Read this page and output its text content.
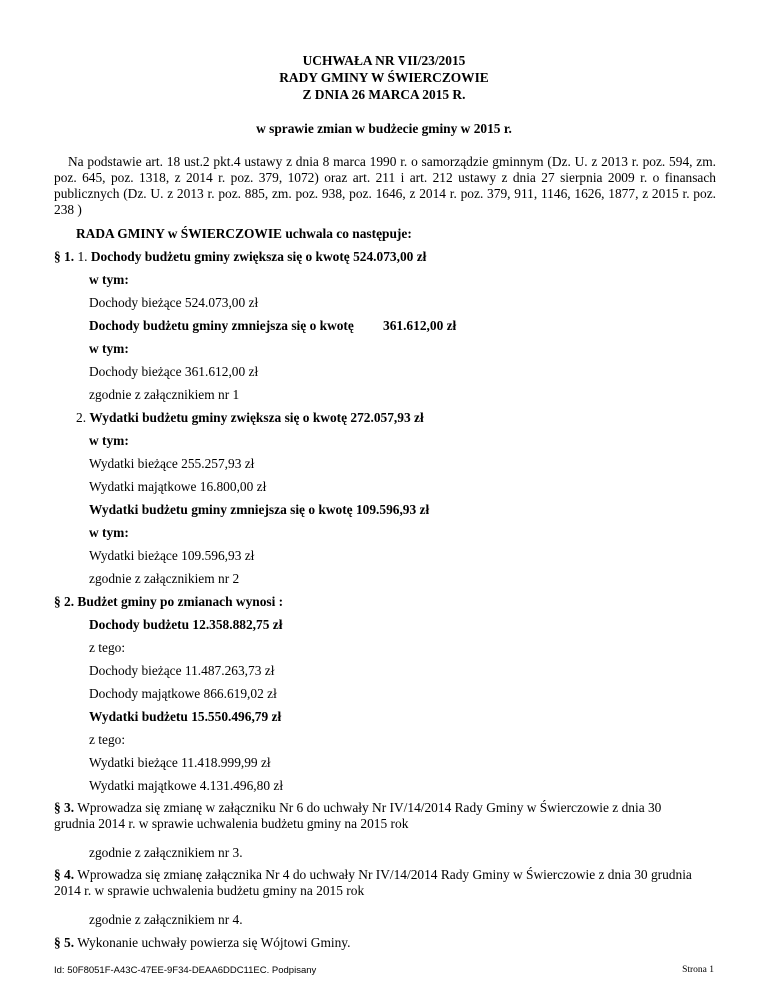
UCHWAŁA NR VII/23/2015
RADY GMINY W ŚWIERCZOWIE
Z DNIA 26 MARCA 2015 R.
w sprawie zmian w budżecie gminy w 2015 r.
Na podstawie art. 18 ust.2 pkt.4 ustawy z dnia 8 marca 1990 r. o samorządzie gminnym (Dz. U. z 2013 r. poz. 594, zm. poz. 645, poz. 1318, z 2014 r. poz. 379, 1072) oraz art. 211 i art. 212 ustawy z dnia 27 sierpnia 2009 r. o finansach publicznych (Dz. U. z 2013 r. poz. 885, zm. poz. 938, poz. 1646, z 2014 r. poz. 379, 911, 1146, 1626, 1877, z 2015 r. poz. 238 )
RADA GMINY w ŚWIERCZOWIE uchwala co następuje:
§ 1. 1. Dochody budżetu gminy zwiększa się o kwotę 524.073,00 zł
w tym:
Dochody bieżące 524.073,00 zł
Dochody budżetu gminy zmniejsza się o kwotę 361.612,00 zł
w tym:
Dochody bieżące 361.612,00 zł
zgodnie z załącznikiem nr 1
2. Wydatki budżetu gminy zwiększa się o kwotę 272.057,93 zł
w tym:
Wydatki bieżące 255.257,93 zł
Wydatki majątkowe 16.800,00 zł
Wydatki budżetu gminy zmniejsza się o kwotę 109.596,93 zł
w tym:
Wydatki bieżące 109.596,93 zł
zgodnie z załącznikiem nr 2
§ 2. Budżet gminy po zmianach wynosi :
Dochody budżetu 12.358.882,75 zł
z tego:
Dochody bieżące 11.487.263,73 zł
Dochody majątkowe 866.619,02 zł
Wydatki budżetu 15.550.496,79 zł
z tego:
Wydatki bieżące 11.418.999,99 zł
Wydatki majątkowe 4.131.496,80 zł
§ 3. Wprowadza się zmianę w załączniku Nr 6 do uchwały Nr IV/14/2014 Rady Gminy w Świerczowie z dnia 30 grudnia 2014 r. w sprawie uchwalenia budżetu gminy na 2015 rok
zgodnie z załącznikiem nr 3.
§ 4. Wprowadza się zmianę załącznika Nr 4 do uchwały Nr IV/14/2014 Rady Gminy w Świerczowie z dnia 30 grudnia 2014 r. w sprawie uchwalenia budżetu gminy na 2015 rok
zgodnie z załącznikiem nr 4.
§ 5. Wykonanie uchwały powierza się Wójtowi Gminy.
Id: 50F8051F-A43C-47EE-9F34-DEAA6DDC11EC. Podpisany	Strona 1
